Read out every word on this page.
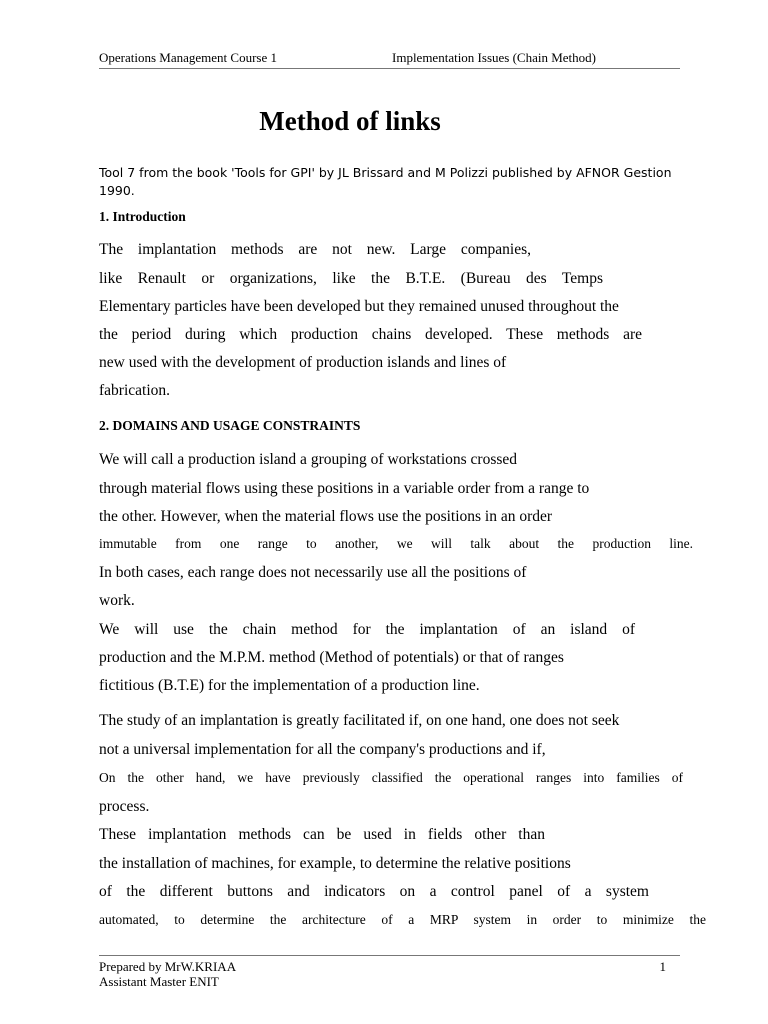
Operations Management Course 1	Implementation Issues (Chain Method)
Method of links
Tool 7 from the book 'Tools for GPI' by JL Brissard and M Polizzi published by AFNOR Gestion
1990.
1. Introduction
The implantation methods are not new. Large companies,
like Renault or organizations, like the B.T.E. (Bureau des Temps
Elementary particles have been developed but they remained unused throughout the
the period during which production chains developed. These methods are
new used with the development of production islands and lines of
fabrication.
2. DOMAINS AND USAGE CONSTRAINTS
We will call a production island a grouping of workstations crossed
through material flows using these positions in a variable order from a range to
the other. However, when the material flows use the positions in an order
immutable from one range to another, we will talk about the production line.
In both cases, each range does not necessarily use all the positions of
work.
We will use the chain method for the implantation of an island of
production and the M.P.M. method (Method of potentials) or that of ranges
fictitious (B.T.E) for the implementation of a production line.
The study of an implantation is greatly facilitated if, on one hand, one does not seek
not a universal implementation for all the company's productions and if,
On the other hand, we have previously classified the operational ranges into families of
process.
These implantation methods can be used in fields other than
the installation of machines, for example, to determine the relative positions
of the different buttons and indicators on a control panel of a system
automated, to determine the architecture of a MRP system in order to minimize the
Prepared by MrW.KRIAA
Assistant Master ENIT
1
